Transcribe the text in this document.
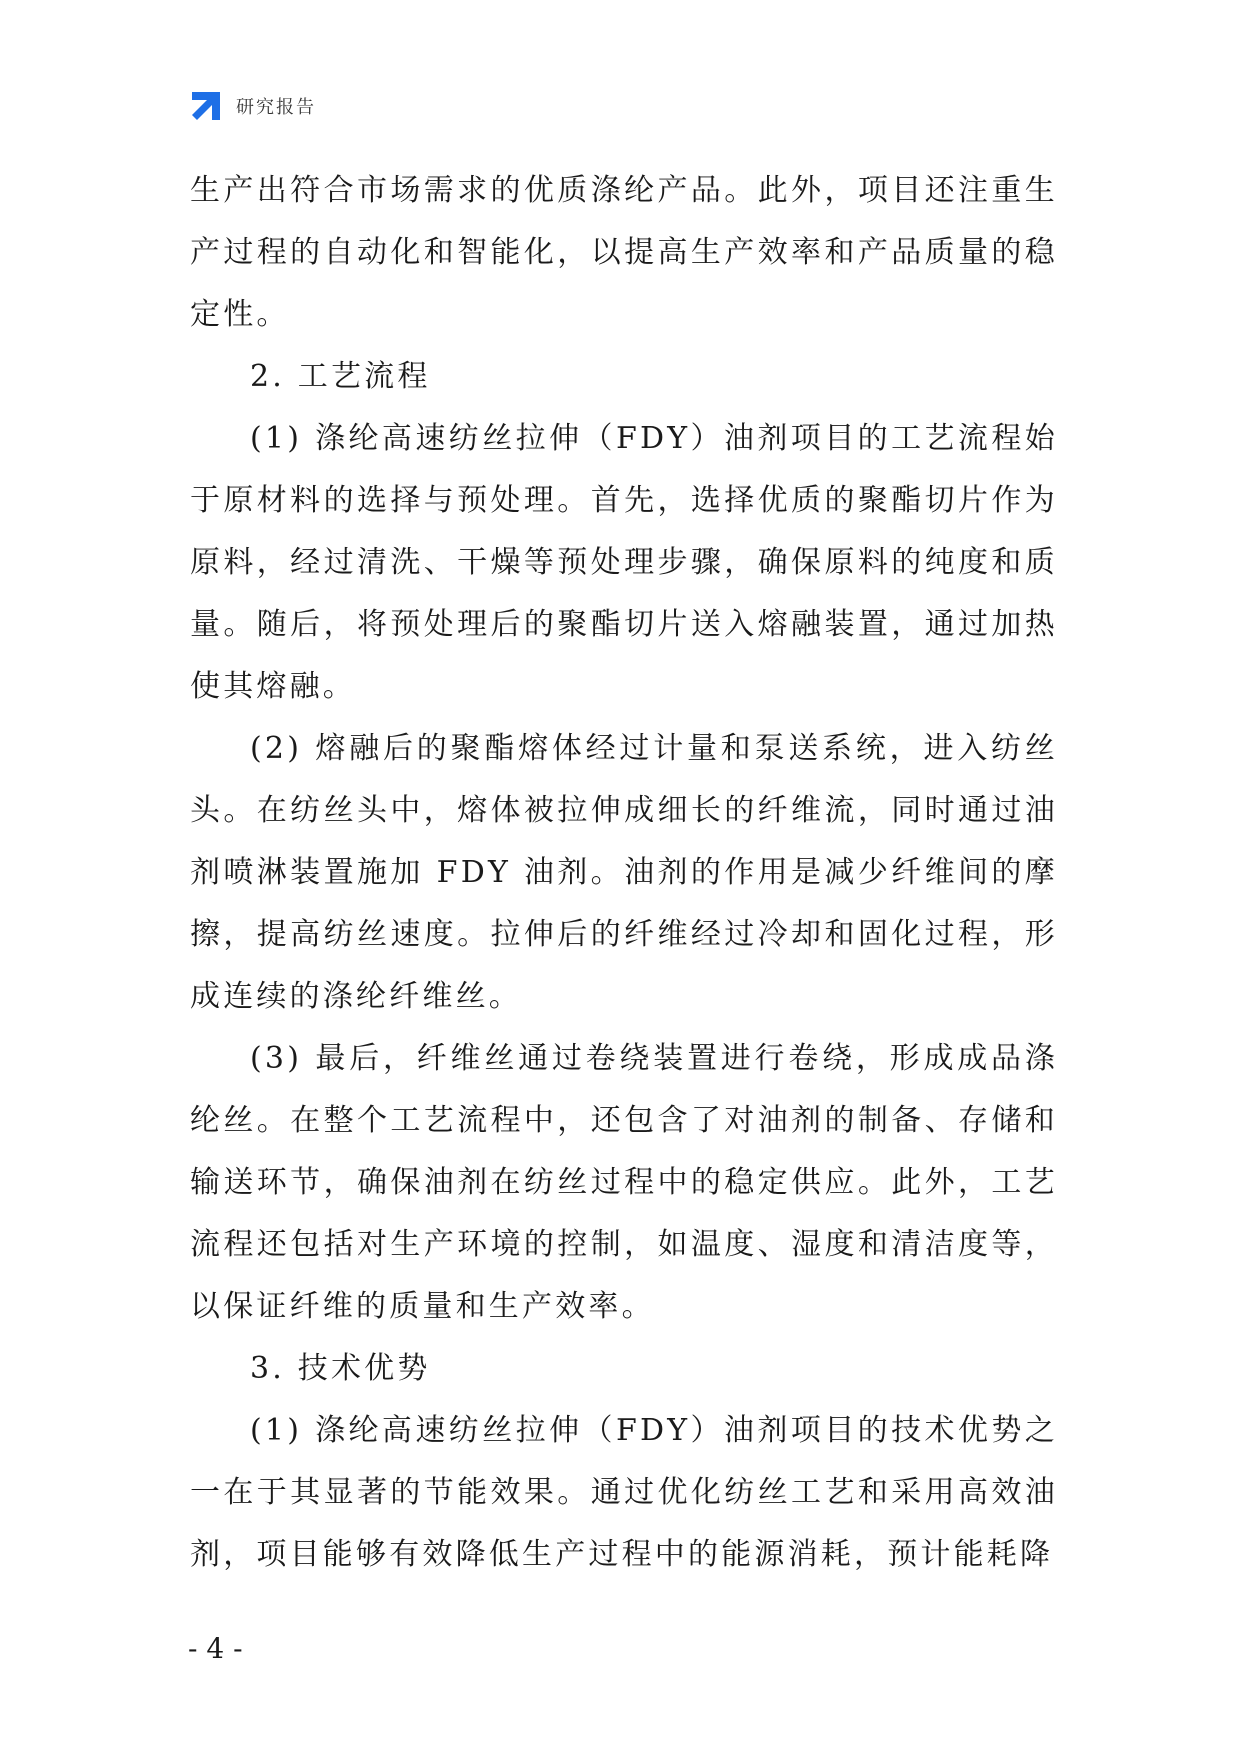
研究报告

生产出符合市场需求的优质涤纶产品。此外，项目还注重生产过程的自动化和智能化，以提高生产效率和产品质量的稳定性。

2. 工艺流程

(1) 涤纶高速纺丝拉伸（FDY）油剂项目的工艺流程始于原材料的选择与预处理。首先，选择优质的聚酯切片作为原料，经过清洗、干燥等预处理步骤，确保原料的纯度和质量。随后，将预处理后的聚酯切片送入熔融装置，通过加热使其熔融。

(2) 熔融后的聚酯熔体经过计量和泵送系统，进入纺丝头。在纺丝头中，熔体被拉伸成细长的纤维流，同时通过油剂喷淋装置施加 FDY 油剂。油剂的作用是减少纤维间的摩擦，提高纺丝速度。拉伸后的纤维经过冷却和固化过程，形成连续的涤纶纤维丝。

(3) 最后，纤维丝通过卷绕装置进行卷绕，形成成品涤纶丝。在整个工艺流程中，还包含了对油剂的制备、存储和输送环节，确保油剂在纺丝过程中的稳定供应。此外，工艺流程还包括对生产环境的控制，如温度、湿度和清洁度等，以保证纤维的质量和生产效率。

3. 技术优势

(1) 涤纶高速纺丝拉伸（FDY）油剂项目的技术优势之一在于其显著的节能效果。通过优化纺丝工艺和采用高效油剂，项目能够有效降低生产过程中的能源消耗，预计能耗降

- 4 -
